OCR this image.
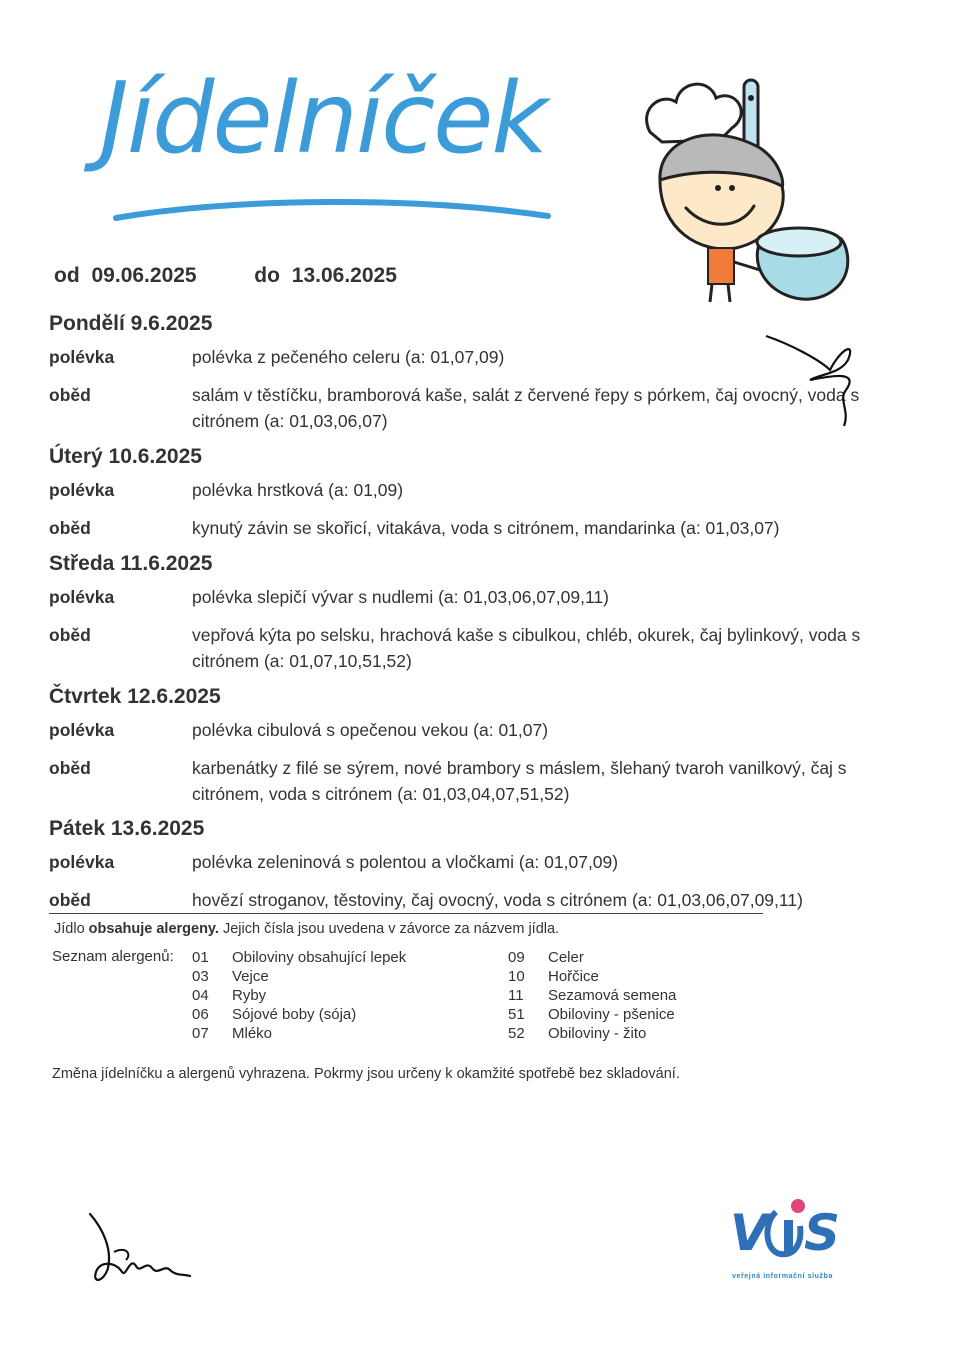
Jídelníček
od 09.06.2025	do 13.06.2025
Pondělí 9.6.2025
polévka	polévka z pečeného celeru (a: 01,07,09)
oběd	salám v těstíčku, bramborová kaše, salát z červené řepy s pórkem, čaj ovocný, voda s citrónem (a: 01,03,06,07)
Úterý 10.6.2025
polévka	polévka hrstková (a: 01,09)
oběd	kynutý závin se skořicí, vitakáva, voda s citrónem, mandarinka (a: 01,03,07)
Středa 11.6.2025
polévka	polévka slepičí vývar s nudlemi (a: 01,03,06,07,09,11)
oběd	vepřová kýta po selsku, hrachová kaše s cibulkou, chléb, okurek, čaj bylinkový, voda s citrónem (a: 01,07,10,51,52)
Čtvrtek 12.6.2025
polévka	polévka cibulová s opečenou vekou (a: 01,07)
oběd	karbenátky z filé se sýrem, nové brambory s máslem, šlehaný tvaroh vanilkový, čaj s citrónem, voda s citrónem (a: 01,03,04,07,51,52)
Pátek 13.6.2025
polévka	polévka zeleninová s polentou a vločkami (a: 01,07,09)
oběd	hovězí stroganov, těstoviny, čaj ovocný, voda s citrónem (a: 01,03,06,07,09,11)
Jídlo obsahuje alergeny. Jejich čísla jsou uvedena v závorce za názvem jídla.
Seznam alergenů: 01	Obiloviny obsahující lepek
03	Vejce
04	Ryby
06	Sójové boby (sója)
07	Mléko
09	Celer
10	Hořčice
11	Sezamová semena
51	Obiloviny - pšenice
52	Obiloviny - žito
Změna jídelníčku a alergenů vyhrazena. Pokrmy jsou určeny k okamžité spotřebě bez skladování.
V S
veřejná informační služba
